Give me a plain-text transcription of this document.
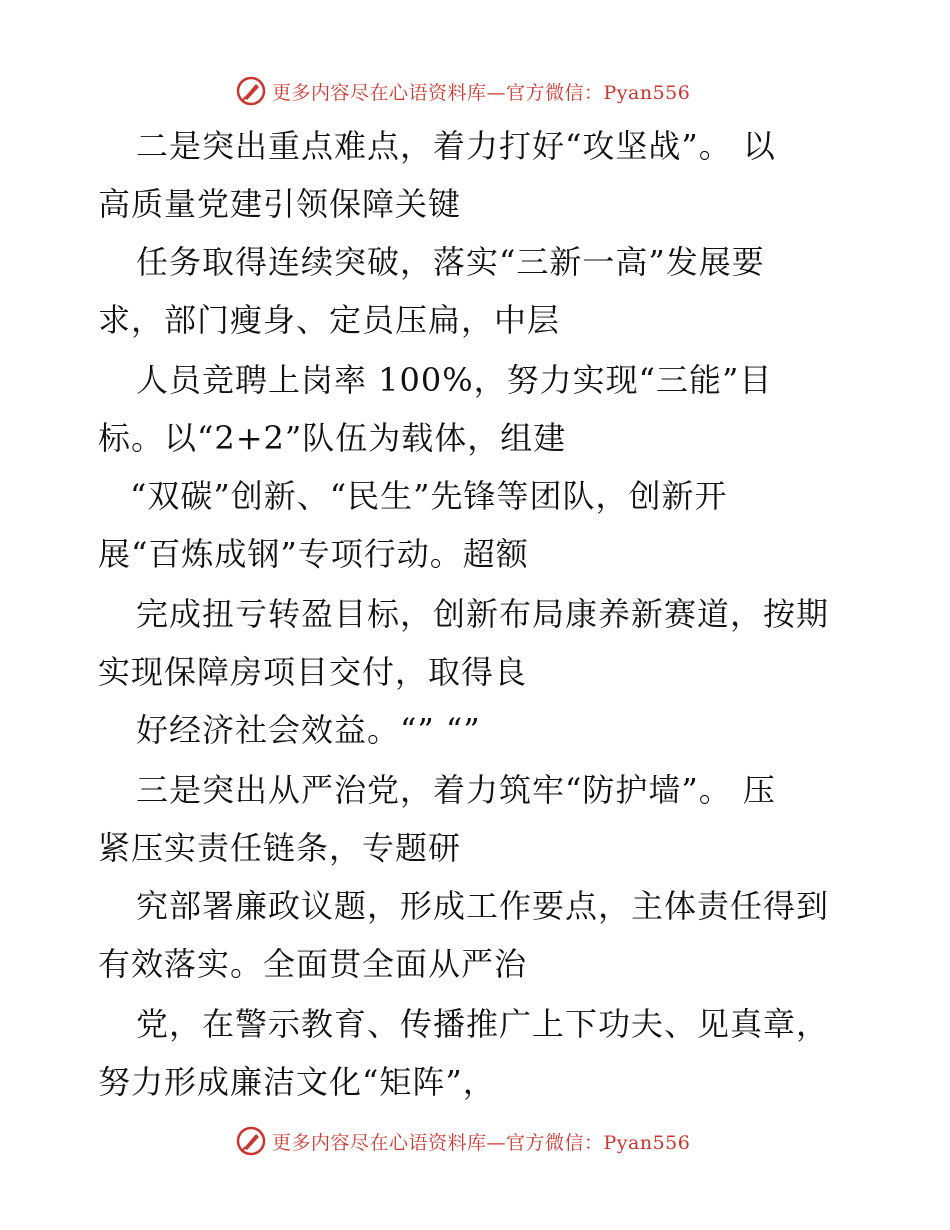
更多内容尽在心语资料库—官方微信：Pyan556

二是突出重点难点，着力打好“攻坚战”。 以

高质量党建引领保障关键

任务取得连续突破，落实“三新一高”发展要

求，部门瘦身、定员压扁，中层

人员竞聘上岗率 100%，努力实现“三能”目

标。以“2+2”队伍为载体，组建

“双碳”创新、“民生”先锋等团队，创新开

展“百炼成钢”专项行动。超额

完成扭亏转盈目标，创新布局康养新赛道，按期

实现保障房项目交付，取得良

好经济社会效益。“” “”

三是突出从严治党，着力筑牢“防护墙”。 压

紧压实责任链条，专题研

究部署廉政议题，形成工作要点，主体责任得到

有效落实。全面贯全面从严治

党，在警示教育、传播推广上下功夫、见真章，

努力形成廉洁文化“矩阵”，

更多内容尽在心语资料库—官方微信：Pyan556
